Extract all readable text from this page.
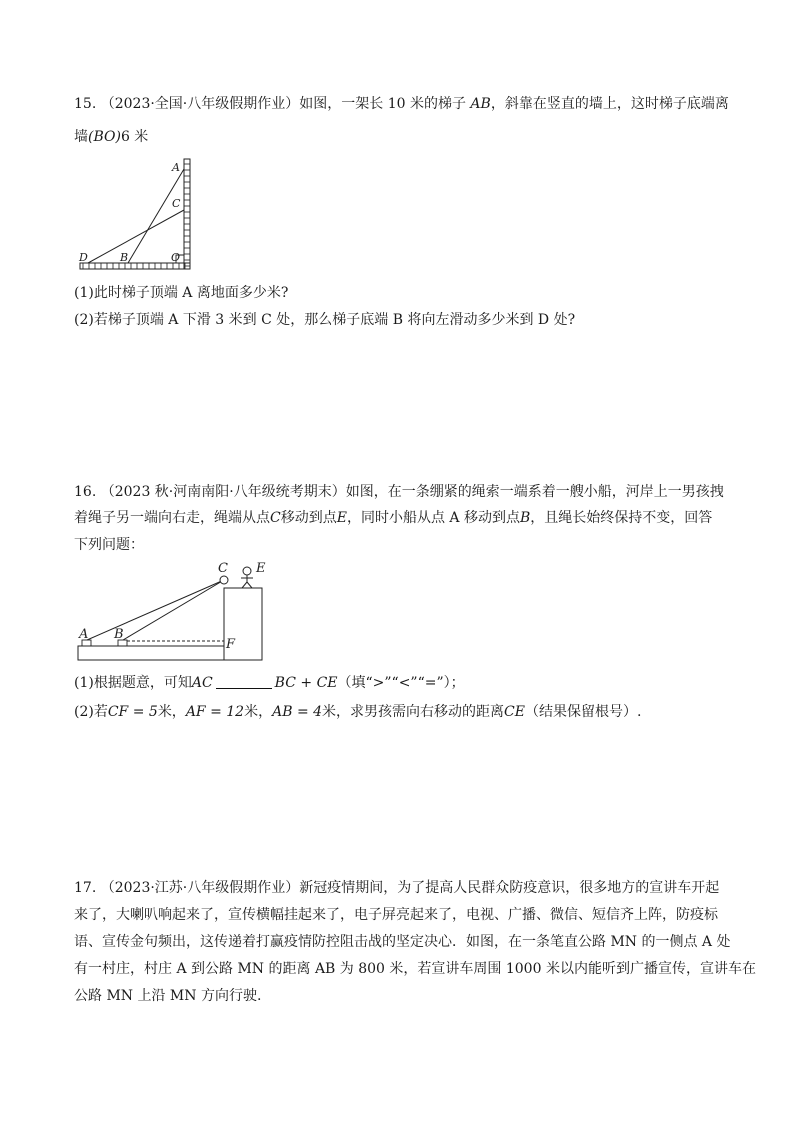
15. （2023·全国·八年级假期作业）如图，一架长 10 米的梯子 AB，斜靠在竖直的墙上，这时梯子底端离
墙(BO)6 米
A
C
D	B	O
(1)此时梯子顶端 A 离地面多少米?
(2)若梯子顶端 A 下滑 3 米到 C 处，那么梯子底端 B 将向左滑动多少米到 D 处?
16. （2023 秋·河南南阳·八年级统考期末）如图，在一条绷紧的绳索一端系着一艘小船，河岸上一男孩拽
着绳子另一端向右走，绳端从点C移动到点E，同时小船从点 A 移动到点B，且绳长始终保持不变，回答
下列问题：
C E
A B
F
(1)根据题意，可知AC	BC + CE（填“>”“<”“=”）；
(2)若CF = 5米，AF = 12米，AB = 4米，求男孩需向右移动的距离CE（结果保留根号）.
17. （2023·江苏·八年级假期作业）新冠疫情期间，为了提高人民群众防疫意识，很多地方的宣讲车开起
来了，大喇叭响起来了，宣传横幅挂起来了，电子屏亮起来了，电视、广播、微信、短信齐上阵，防疫标
语、宣传金句频出，这传递着打赢疫情防控阻击战的坚定决心．如图，在一条笔直公路 MN 的一侧点 A 处
有一村庄，村庄 A 到公路 MN 的距离 AB 为 800 米，若宣讲车周围 1000 米以内能听到广播宣传，宣讲车在
公路 MN 上沿 MN 方向行驶.
